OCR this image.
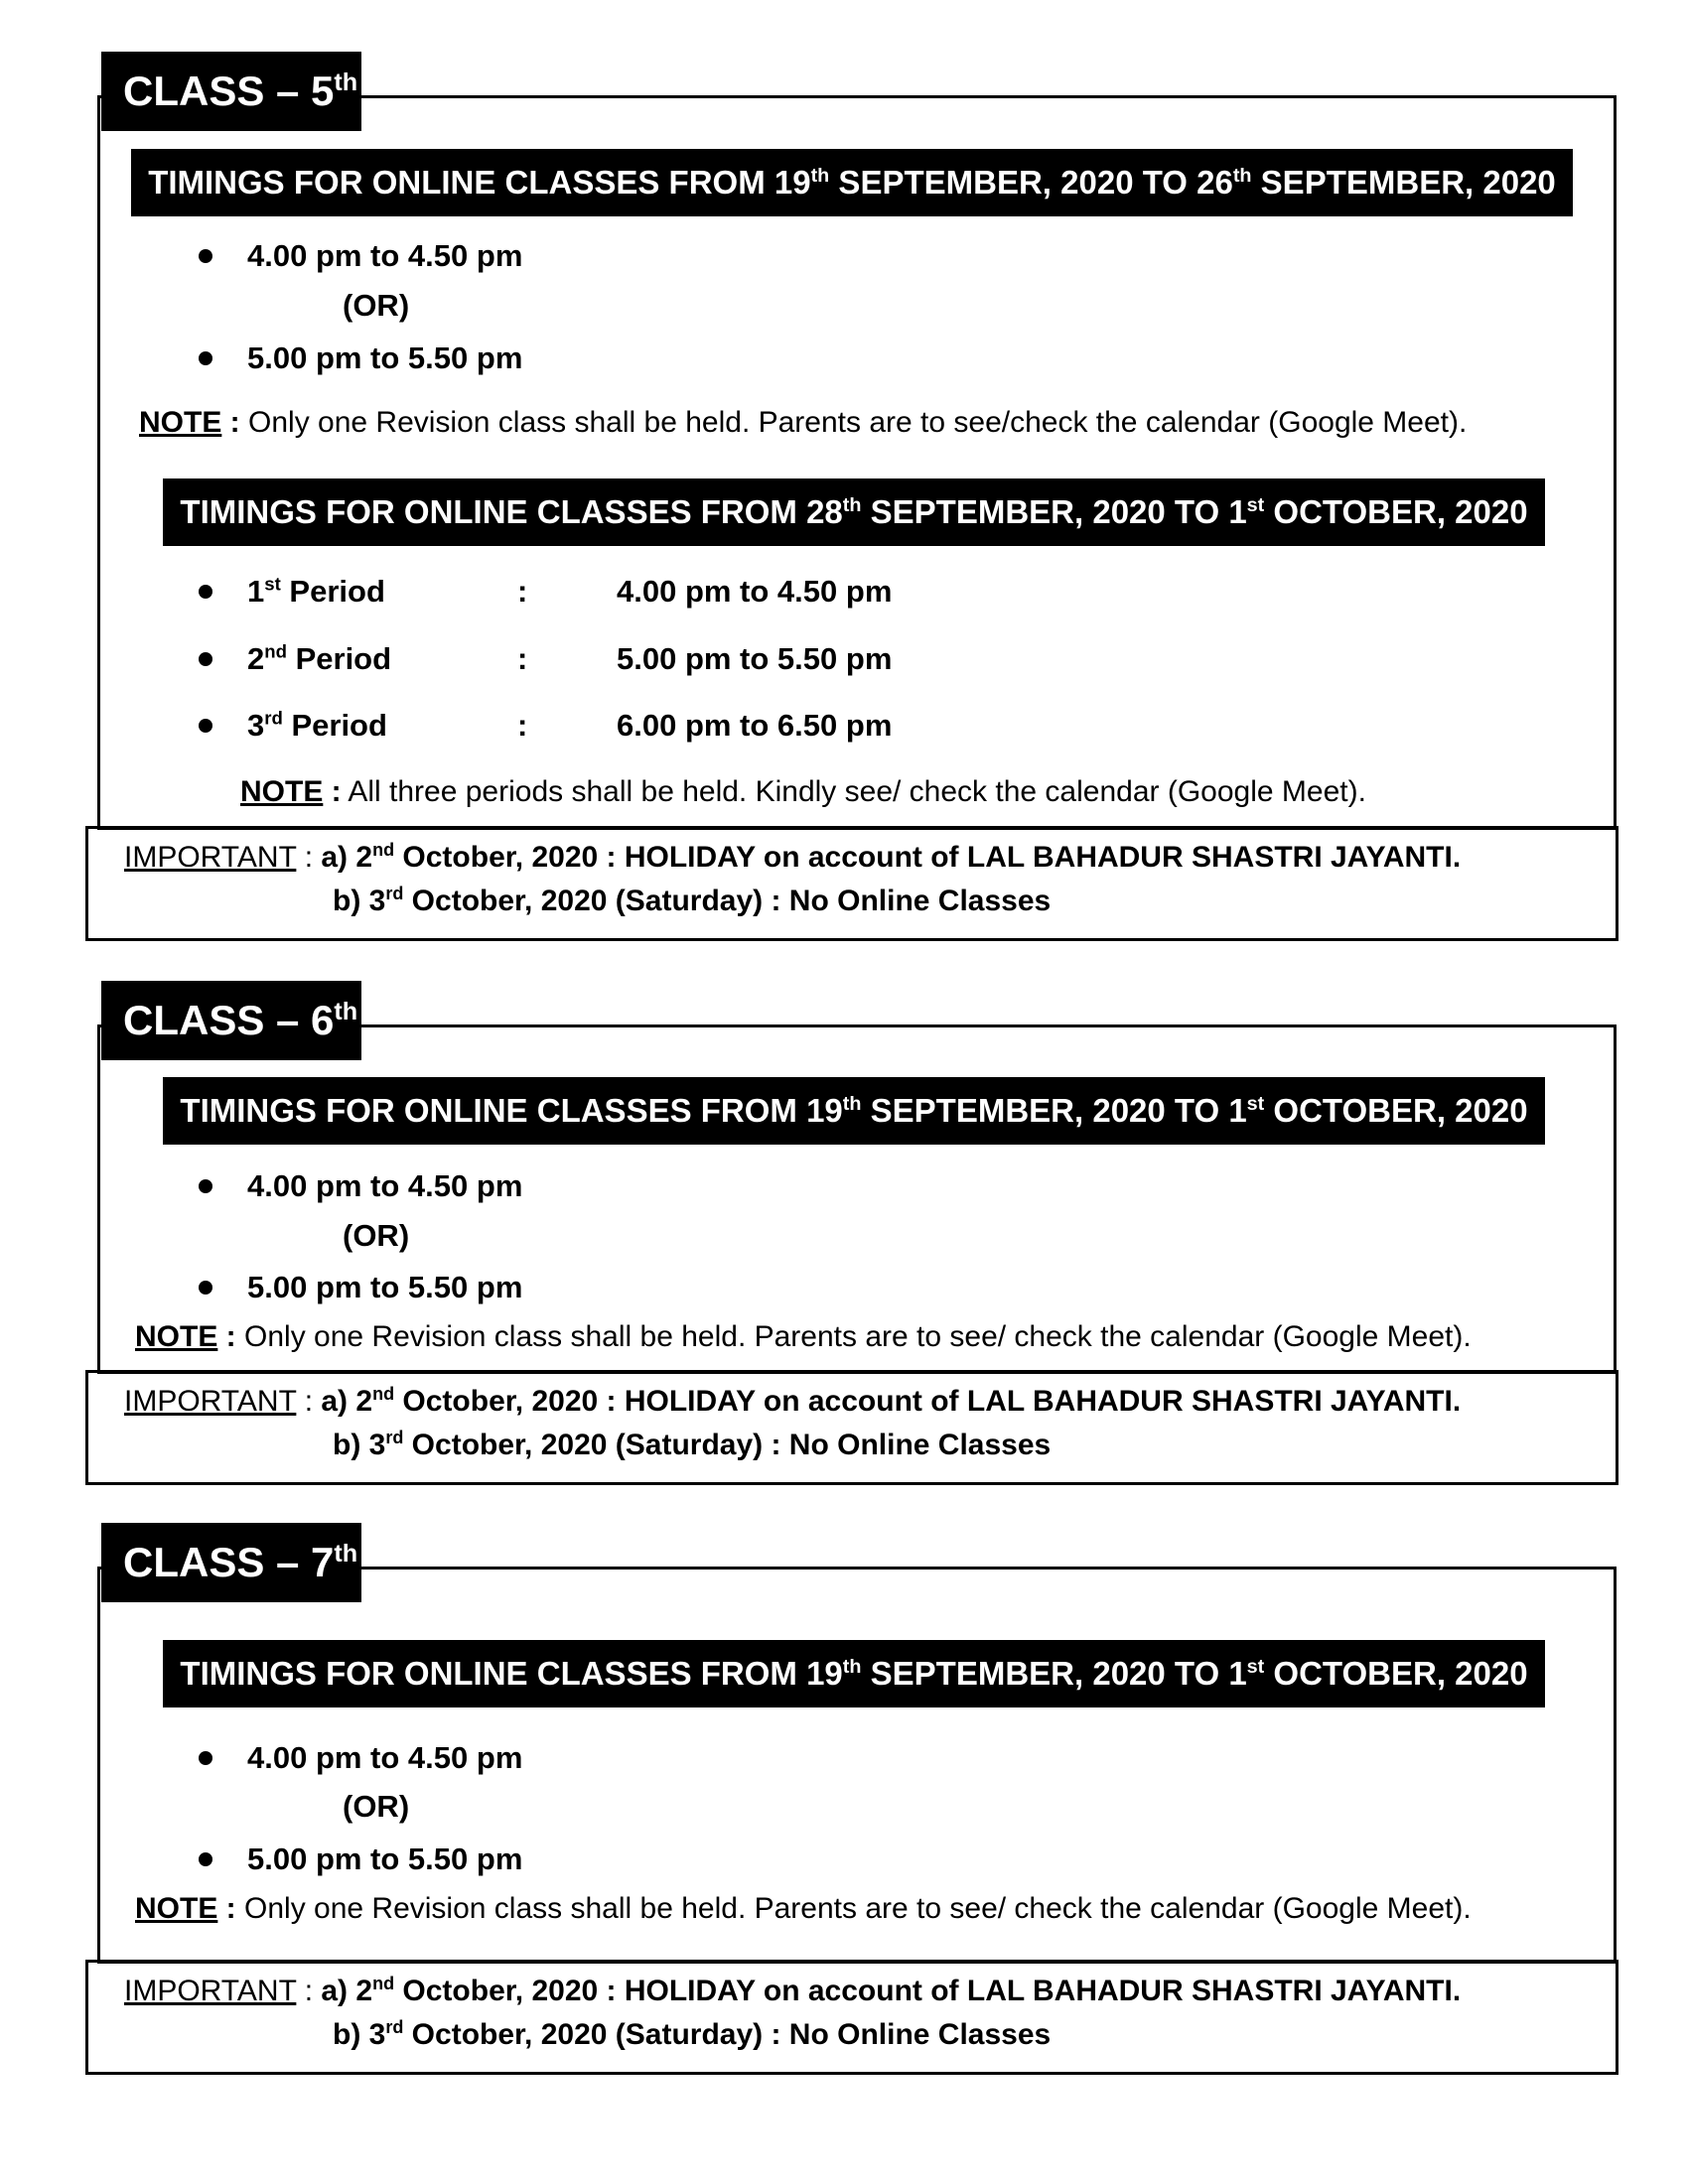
CLASS – 5th
TIMINGS FOR ONLINE CLASSES FROM 19th SEPTEMBER, 2020 TO 26th SEPTEMBER, 2020
4.00 pm to 4.50 pm
(OR)
5.00 pm to 5.50 pm
NOTE : Only one Revision class shall be held. Parents are to see/check the calendar (Google Meet).
TIMINGS FOR ONLINE CLASSES FROM 28th SEPTEMBER, 2020 TO 1st OCTOBER, 2020
1st Period	:	4.00 pm to 4.50 pm
2nd Period	:	5.00 pm to 5.50 pm
3rd Period	:	6.00 pm to 6.50 pm
NOTE : All three periods shall be held. Kindly see/ check the calendar (Google Meet).
IMPORTANT : a) 2nd October, 2020 : HOLIDAY on account of LAL BAHADUR SHASTRI JAYANTI.
b) 3rd October, 2020 (Saturday) : No Online Classes
CLASS – 6th
TIMINGS FOR ONLINE CLASSES FROM 19th SEPTEMBER, 2020 TO 1st OCTOBER, 2020
4.00 pm to 4.50 pm
(OR)
5.00 pm to 5.50 pm
NOTE : Only one Revision class shall be held. Parents are to see/ check the calendar (Google Meet).
IMPORTANT : a) 2nd October, 2020 : HOLIDAY on account of LAL BAHADUR SHASTRI JAYANTI.
b) 3rd October, 2020 (Saturday) : No Online Classes
CLASS – 7th
TIMINGS FOR ONLINE CLASSES FROM 19th SEPTEMBER, 2020 TO 1st OCTOBER, 2020
4.00 pm to 4.50 pm
(OR)
5.00 pm to 5.50 pm
NOTE : Only one Revision class shall be held. Parents are to see/ check the calendar (Google Meet).
IMPORTANT : a) 2nd October, 2020 : HOLIDAY on account of LAL BAHADUR SHASTRI JAYANTI.
b) 3rd October, 2020 (Saturday) : No Online Classes
